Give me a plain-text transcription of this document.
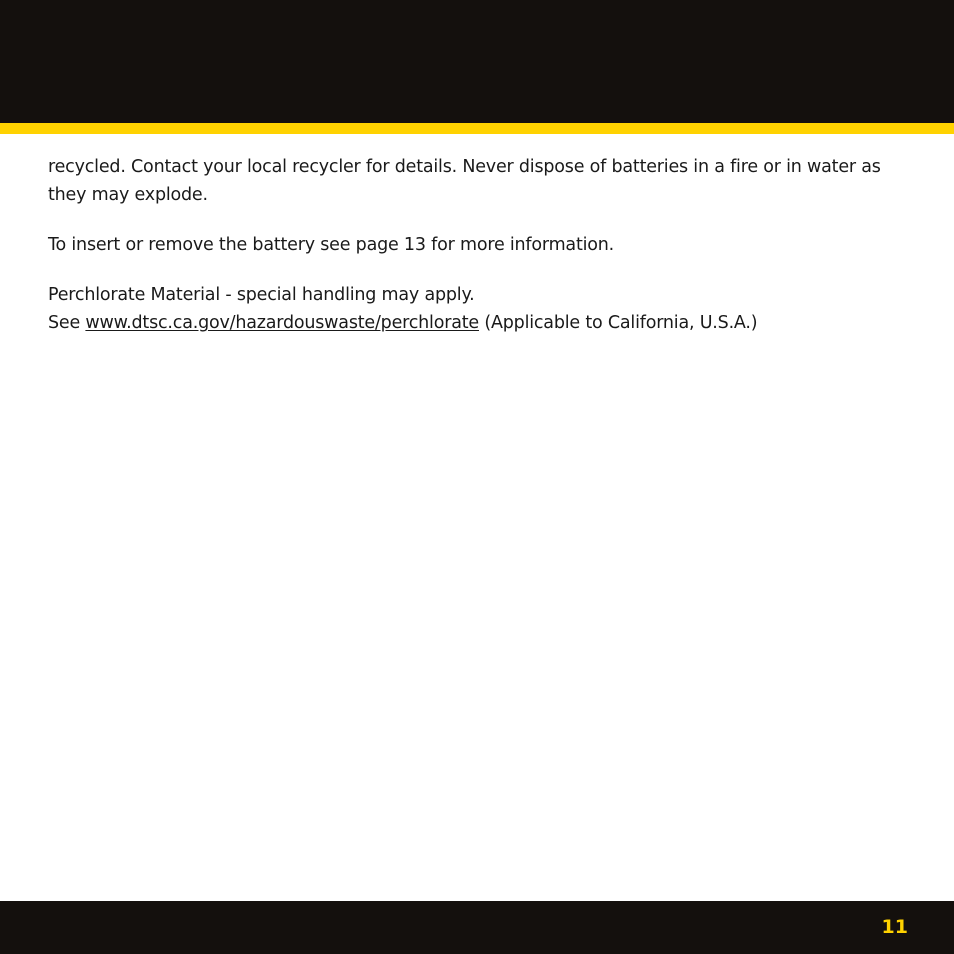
recycled. Contact your local recycler for details. Never dispose of batteries in a fire or in water as they may explode.

To insert or remove the battery see page 13 for more information.

Perchlorate Material - special handling may apply.
See www.dtsc.ca.gov/hazardouswaste/perchlorate (Applicable to California, U.S.A.)

11
